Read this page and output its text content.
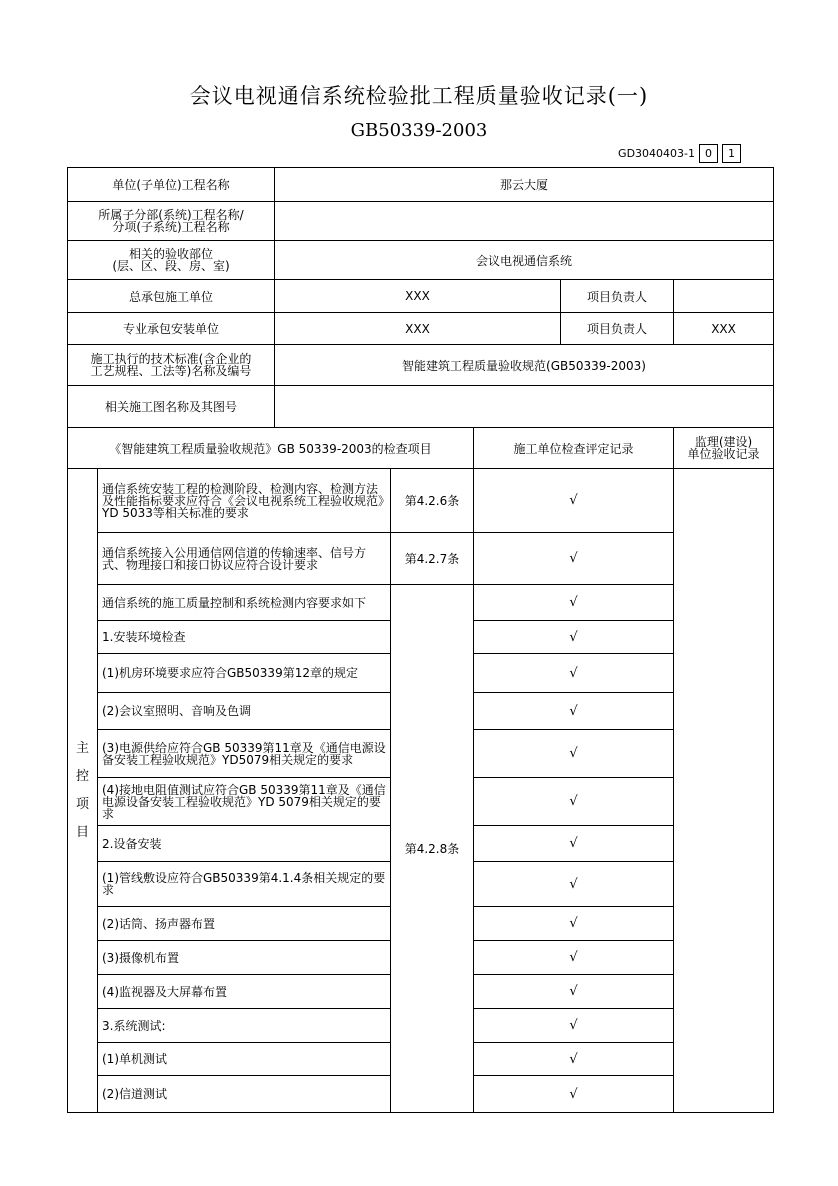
会议电视通信系统检验批工程质量验收记录(一)
GB50339-2003
GD3040403-1 0	1
单位(子单位)工程名称		那云大厦				

所属子分部(系统)工程名称/
分项(子系统)工程名称						

相关的验收部位
(层、区、段、房、室)		会议电视通信系统				
总承包施工单位		XXX			项目负责人	
专业承包安装单位		XXX			项目负责人	XXX

施工执行的技术标准(含企业的
工艺规程、工法等)名称及编号		智能建筑工程质量验收规范(GB50339-2003)				
相关施工图名称及其图号						
《智能建筑工程质量验收规范》GB 50339-2003的检查项目				施工单位检查评定记录		监理(建设)
单位验收记录

主
控
项
目	通信系统安装工程的检测阶段、检测内容、检测方法及性能指标要求应符合《会议电视系统工程验收规范》YD 5033等相关标准的要求		第4.2.6条	√		
	通信系统接入公用通信网信道的传输速率、信号方式、物理接口和接口协议应符合设计要求		第4.2.7条	√		
	通信系统的施工质量控制和系统检测内容要求如下		第4.2.8条	√		
	1.安装环境检查			√		
	(1)机房环境要求应符合GB50339第12章的规定			√		
	(2)会议室照明、音响及色调			√		
	(3)电源供给应符合GB 50339第11章及《通信电源设备安装工程验收规范》YD5079相关规定的要求			√		
	(4)接地电阻值测试应符合GB 50339第11章及《通信电源设备安装工程验收规范》YD 5079相关规定的要求			√		
	2.设备安装			√		
	(1)管线敷设应符合GB50339第4.1.4条相关规定的要求			√		
	(2)话筒、扬声器布置			√		
	(3)摄像机布置			√		
	(4)监视器及大屏幕布置			√		
	3.系统测试:			√		
	(1)单机测试			√		
	(2)信道测试			√		
